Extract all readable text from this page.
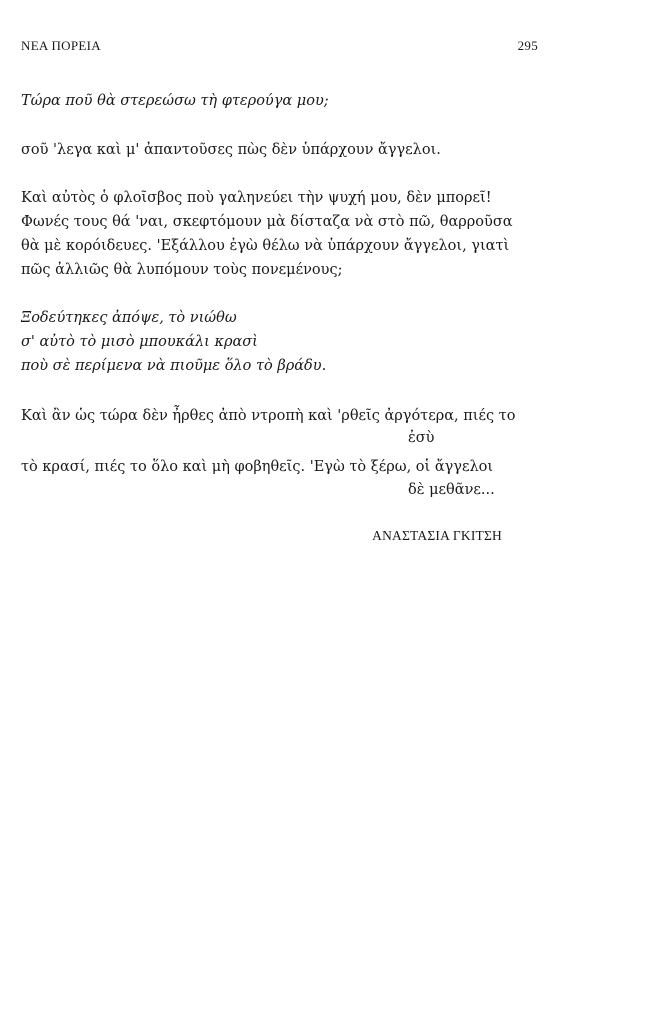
ΝΕΑ ΠΟΡΕΙΑ	295
Τώρα ποῦ θὰ στερεώσω τὴ φτερούγα μου;
σοῦ 'λεγα καὶ μ' ἀπαντοῦσες πὼς δὲν ὑπάρχουν ἄγγελοι.
Καὶ αὐτὸς ὁ φλοῖσβος ποὺ γαληνεύει τὴν ψυχή μου, δὲν μπορεῖ!
Φωνές τους θά 'ναι, σκεφτόμουν μὰ δίσταζα νὰ στὸ πῶ, θαρροῦσα
θὰ μὲ κορόιδευες. 'Εξάλλου ἐγὼ θέλω νὰ ὑπάρχουν ἄγγελοι, γιατὶ
πῶς ἀλλιῶς θὰ λυπόμουν τοὺς πονεμένους;
Ξοδεύτηκες ἀπόψε, τὸ νιώθω
σ' αὐτὸ τὸ μισὸ μπουκάλι κρασὶ
ποὺ σὲ περίμενα νὰ πιοῦμε ὅλο τὸ βράδυ.
Καὶ ἂν ὡς τώρα δὲν ἦρθες ἀπὸ ντροπὴ καὶ 'ρθεῖς ἀργότερα, πιές το
ἐσὺ
τὸ κρασί, πιές το ὅλο καὶ μὴ φοβηθεῖς. 'Εγὼ τὸ ξέρω, οἱ ἄγγελοι
δὲ μεθᾶνε...
ΑΝΑΣΤΑΣΙΑ ΓΚΙΤΣΗ
